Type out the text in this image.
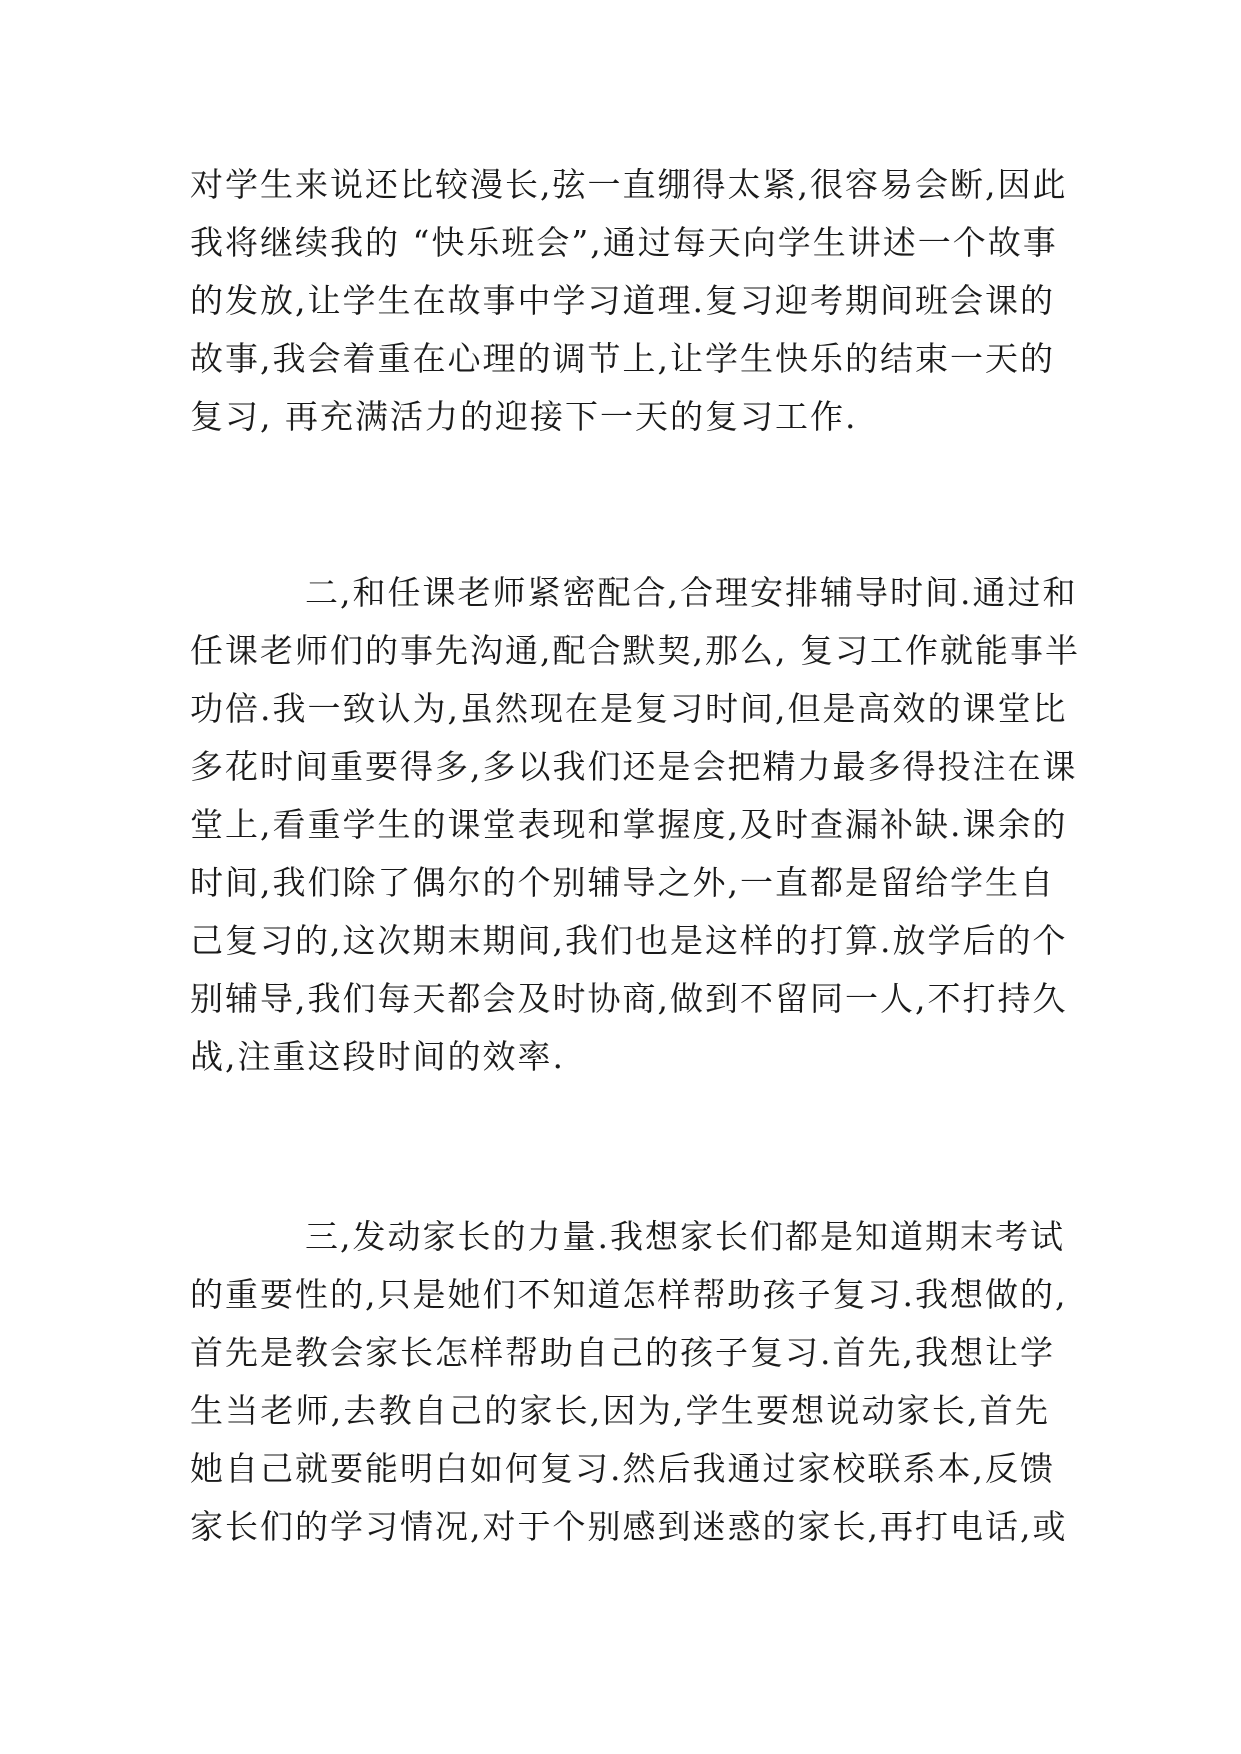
对学生来说还比较漫长,弦一直绷得太紧,很容易会断,因此
我将继续我的 “快乐班会”,通过每天向学生讲述一个故事
的发放,让学生在故事中学习道理.复习迎考期间班会课的
故事,我会着重在心理的调节上,让学生快乐的结束一天的
复习, 再充满活力的迎接下一天的复习工作.
二,和任课老师紧密配合,合理安排辅导时间.通过和
任课老师们的事先沟通,配合默契,那么, 复习工作就能事半
功倍.我一致认为,虽然现在是复习时间,但是高效的课堂比
多花时间重要得多,多以我们还是会把精力最多得投注在课
堂上,看重学生的课堂表现和掌握度,及时查漏补缺.课余的
时间,我们除了偶尔的个别辅导之外,一直都是留给学生自
己复习的,这次期末期间,我们也是这样的打算.放学后的个
别辅导,我们每天都会及时协商,做到不留同一人,不打持久
战,注重这段时间的效率.
三,发动家长的力量.我想家长们都是知道期末考试
的重要性的,只是她们不知道怎样帮助孩子复习.我想做的,
首先是教会家长怎样帮助自己的孩子复习.首先,我想让学
生当老师,去教自己的家长,因为,学生要想说动家长,首先
她自己就要能明白如何复习.然后我通过家校联系本,反馈
家长们的学习情况,对于个别感到迷惑的家长,再打电话,或
